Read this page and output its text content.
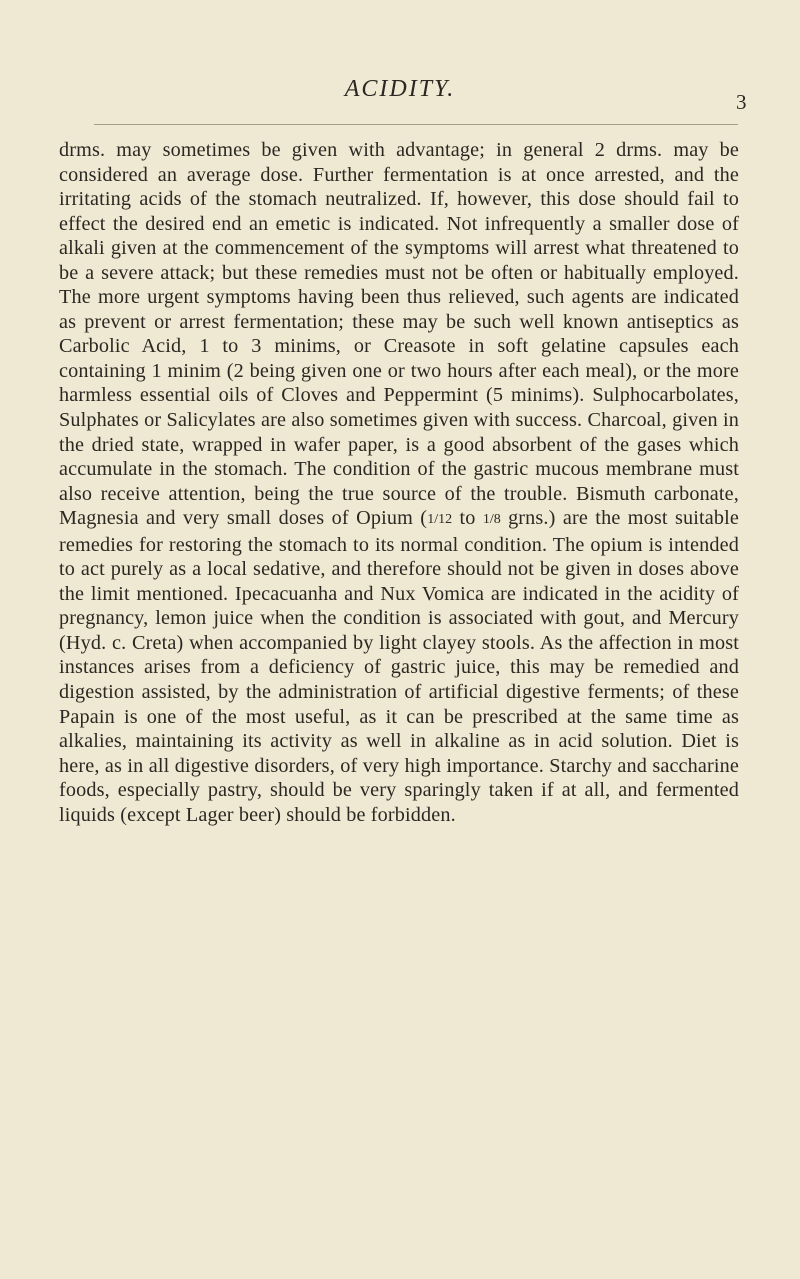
ACIDITY.	3

drms. may sometimes be given with advantage; in general 2 drms. may be considered an average dose. Further fermentation is at once arrested, and the irritating acids of the stomach neutralized. If, however, this dose should fail to effect the desired end an emetic is indicated. Not infrequently a smaller dose of alkali given at the commencement of the symptoms will arrest what threatened to be a severe attack; but these remedies must not be often or habitually employed. The more urgent symptoms having been thus relieved, such agents are indicated as prevent or arrest fermentation; these may be such well known antiseptics as Carbolic Acid, 1 to 3 minims, or Creasote in soft gelatine capsules each containing 1 minim (2 being given one or two hours after each meal), or the more harmless essential oils of Cloves and Peppermint (5 minims). Sulphocarbolates, Sulphates or Salicylates are also sometimes given with success. Charcoal, given in the dried state, wrapped in wafer paper, is a good absorbent of the gases which accumulate in the stomach. The condition of the gastric mucous membrane must also receive attention, being the true source of the trouble. Bismuth carbonate, Magnesia and very small doses of Opium (1/12 to 1/8 grns.) are the most suitable remedies for restoring the stomach to its normal condition. The opium is intended to act purely as a local sedative, and therefore should not be given in doses above the limit mentioned. Ipecacuanha and Nux Vomica are indicated in the acidity of pregnancy, lemon juice when the condition is associated with gout, and Mercury (Hyd. c. Creta) when accompanied by light clayey stools. As the affection in most instances arises from a deficiency of gastric juice, this may be remedied and digestion assisted, by the administration of artificial digestive ferments; of these Papain is one of the most useful, as it can be prescribed at the same time as alkalies, maintaining its activity as well in alkaline as in acid solution. Diet is here, as in all digestive disorders, of very high importance. Starchy and saccharine foods, especially pastry, should be very sparingly taken if at all, and fermented liquids (except Lager beer) should be forbidden.
